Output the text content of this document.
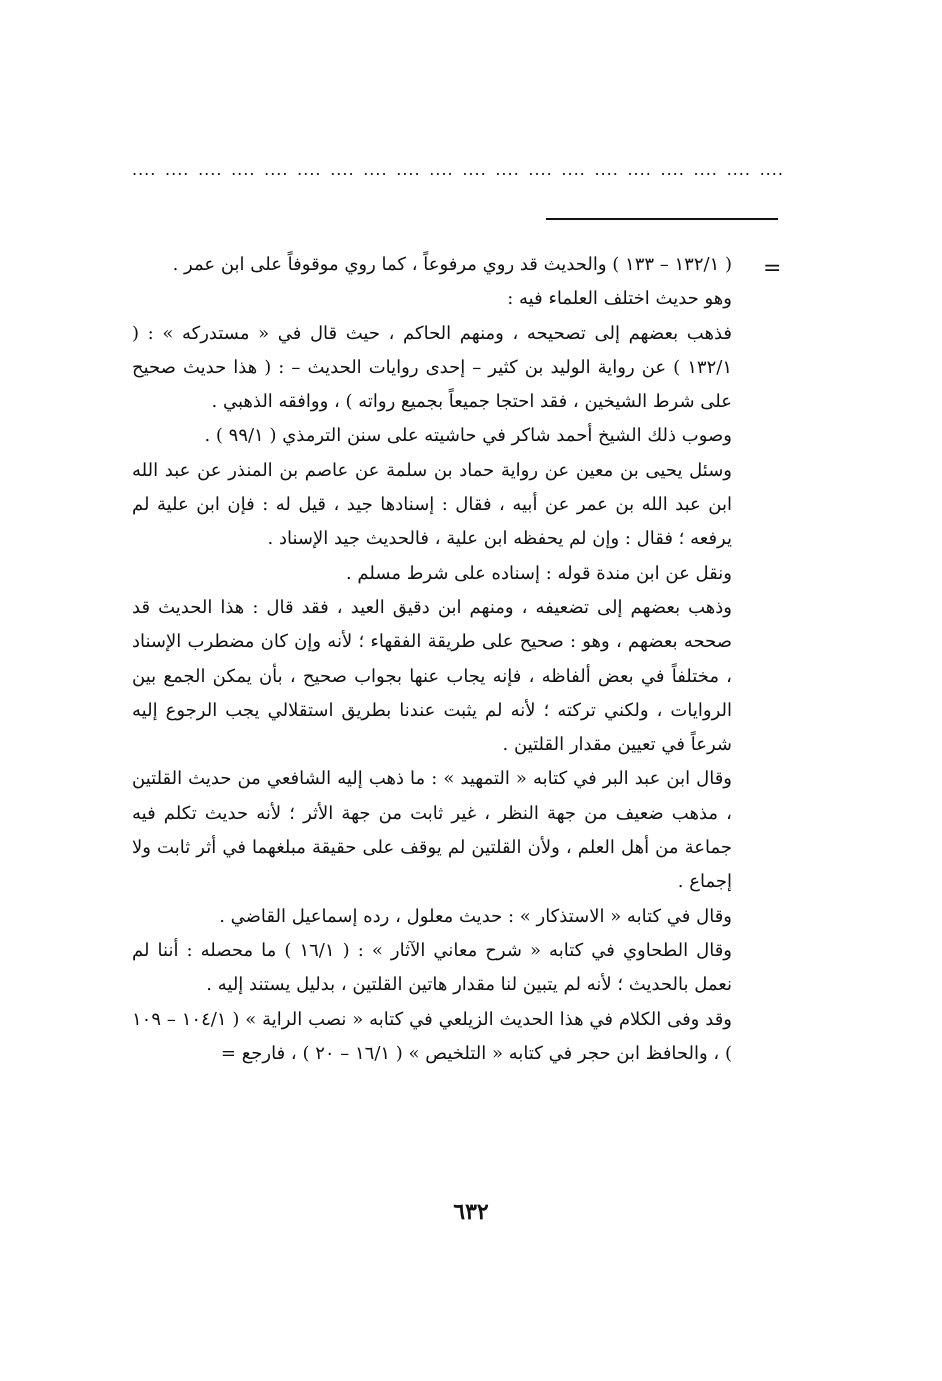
.... .... .... .... .... .... .... .... .... .... .... .... .... .... .... .... .... .... .... ....
=

( ١٣٢/١ – ١٣٣ ) والحديث قد روي مرفوعاً ، كما روي موقوفاً على ابن عمر .

وهو حديث اختلف العلماء فيه :

فذهب بعضهم إلى تصحيحه ، ومنهم الحاكم ، حيث قال في « مستدركه » : ( ١٣٢/١ ) عن رواية الوليد بن كثير – إحدى روايات الحديث – : ( هذا حديث صحيح على شرط الشيخين ، فقد احتجا جميعاً بجميع رواته ) ، ووافقه الذهبي .

وصوب ذلك الشيخ أحمد شاكر في حاشيته على سنن الترمذي ( ٩٩/١ ) .

وسئل يحيى بن معين عن رواية حماد بن سلمة عن عاصم بن المنذر عن عبد الله ابن عبد الله بن عمر عن أبيه ، فقال : إسنادها جيد ، قيل له : فإن ابن علية لم يرفعه ؛ فقال : وإن لم يحفظه ابن علية ، فالحديث جيد الإسناد .

ونقل عن ابن مندة قوله : إسناده على شرط مسلم .

وذهب بعضهم إلى تضعيفه ، ومنهم ابن دقيق العيد ، فقد قال : هذا الحديث قد صححه بعضهم ، وهو : صحيح على طريقة الفقهاء ؛ لأنه وإن كان مضطرب الإسناد ، مختلفاً في بعض ألفاظه ، فإنه يجاب عنها بجواب صحيح ، بأن يمكن الجمع بين الروايات ، ولكني تركته ؛ لأنه لم يثبت عندنا بطريق استقلالي يجب الرجوع إليه شرعاً في تعيين مقدار القلتين .

وقال ابن عبد البر في كتابه « التمهيد » : ما ذهب إليه الشافعي من حديث القلتين ، مذهب ضعيف من جهة النظر ، غير ثابت من جهة الأثر ؛ لأنه حديث تكلم فيه جماعة من أهل العلم ، ولأن القلتين لم يوقف على حقيقة مبلغهما في أثر ثابت ولا إجماع .

وقال في كتابه « الاستذكار » : حديث معلول ، رده إسماعيل القاضي .

وقال الطحاوي في كتابه « شرح معاني الآثار » : ( ١٦/١ ) ما محصله : أننا لم نعمل بالحديث ؛ لأنه لم يتبين لنا مقدار هاتين القلتين ، بدليل يستند إليه .

وقد وفى الكلام في هذا الحديث الزيلعي في كتابه « نصب الراية » ( ١٠٤/١ – ١٠٩ ) ، والحافظ ابن حجر في كتابه « التلخيص » ( ١٦/١ – ٢٠ ) ، فارجع =

٦٣٢
